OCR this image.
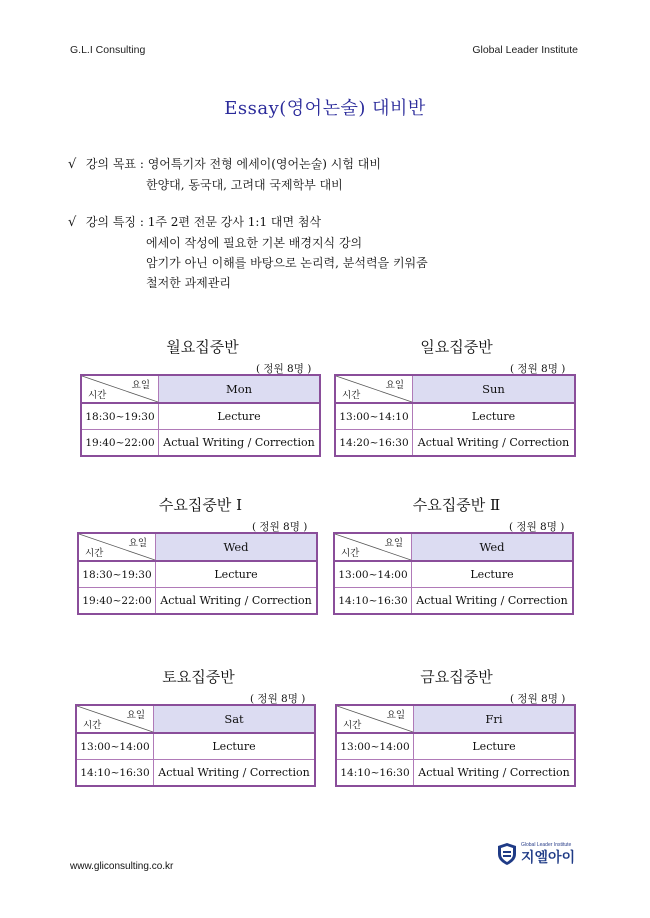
G.L.I Consulting	Global Leader Institute
Essay(영어논술) 대비반
√ 강의 목표 : 영어특기자 전형 에세이(영어논술) 시험 대비
한양대, 동국대, 고려대 국제학부 대비
√ 강의 특징 : 1주 2편 전문 강사 1:1 대면 첨삭
에세이 작성에 필요한 기본 배경지식 강의
암기가 아닌 이해를 바탕으로 논리력, 분석력을 키워줌
철저한 과제관리
월요집중반
( 정원 8명 )
요일
시간	Mon
18:30~19:30	Lecture
19:40~22:00	Actual Writing / Correction
일요집중반
( 정원 8명 )
요일
시간	Sun
13:00~14:10	Lecture
14:20~16:30	Actual Writing / Correction
수요집중반 Ⅰ
( 정원 8명 )
요일
시간	Wed
18:30~19:30	Lecture
19:40~22:00	Actual Writing / Correction
수요집중반 Ⅱ
( 정원 8명 )
요일
시간	Wed
13:00~14:00	Lecture
14:10~16:30	Actual Writing / Correction
토요집중반
( 정원 8명 )
요일
시간	Sat
13:00~14:00	Lecture
14:10~16:30	Actual Writing / Correction
금요집중반
( 정원 8명 )
요일
시간	Fri
13:00~14:00	Lecture
14:10~16:30	Actual Writing / Correction
www.gliconsulting.co.kr
Global Leader Institute
지엘아이
